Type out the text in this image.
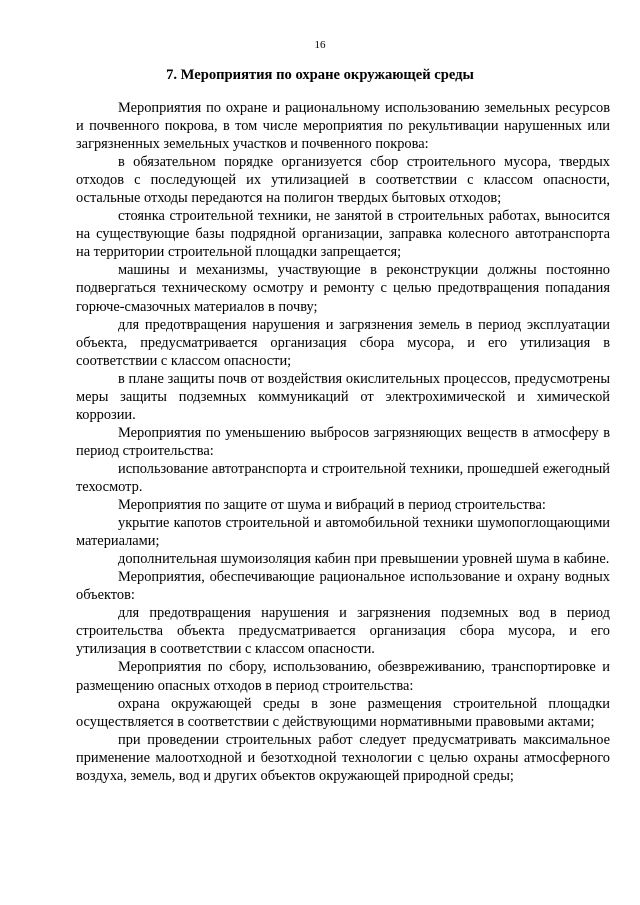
16
7. Мероприятия по охране окружающей среды

Мероприятия по охране и рациональному использованию земельных ресурсов и почвенного покрова, в том числе мероприятия по рекультивации нарушенных или загрязненных земельных участков и почвенного покрова:

в обязательном порядке организуется сбор строительного мусора, твердых отходов с последующей их утилизацией в соответствии с классом опасности, остальные отходы передаются на полигон твердых бытовых отходов;

стоянка строительной техники, не занятой в строительных работах, выносится на существующие базы подрядной организации, заправка колесного автотранспорта на территории строительной площадки запрещается;

машины и механизмы, участвующие в реконструкции должны постоянно подвергаться техническому осмотру и ремонту с целью предотвращения попадания горюче-смазочных материалов в почву;

для предотвращения нарушения и загрязнения земель в период эксплуатации объекта, предусматривается организация сбора мусора, и его утилизация в соответствии с классом опасности;

в плане защиты почв от воздействия окислительных процессов, предусмотрены меры защиты подземных коммуникаций от электрохимической и химической коррозии.

Мероприятия по уменьшению выбросов загрязняющих веществ в атмосферу в период строительства:

использование автотранспорта и строительной техники, прошедшей ежегодный техосмотр.

Мероприятия по защите от шума и вибраций в период строительства:

укрытие капотов строительной и автомобильной техники шумопоглощающими материалами;

дополнительная шумоизоляция кабин при превышении уровней шума в кабине.

Мероприятия, обеспечивающие рациональное использование и охрану водных объектов:

для предотвращения нарушения и загрязнения подземных вод в период строительства объекта предусматривается организация сбора мусора, и его утилизация в соответствии с классом опасности.

Мероприятия по сбору, использованию, обезвреживанию, транспортировке и размещению опасных отходов в период строительства:

охрана окружающей среды в зоне размещения строительной площадки осуществляется в соответствии с действующими нормативными правовыми актами;

при проведении строительных работ следует предусматривать максимальное применение малоотходной и безотходной технологии с целью охраны атмосферного воздуха, земель, вод и других объектов окружающей природной среды;
